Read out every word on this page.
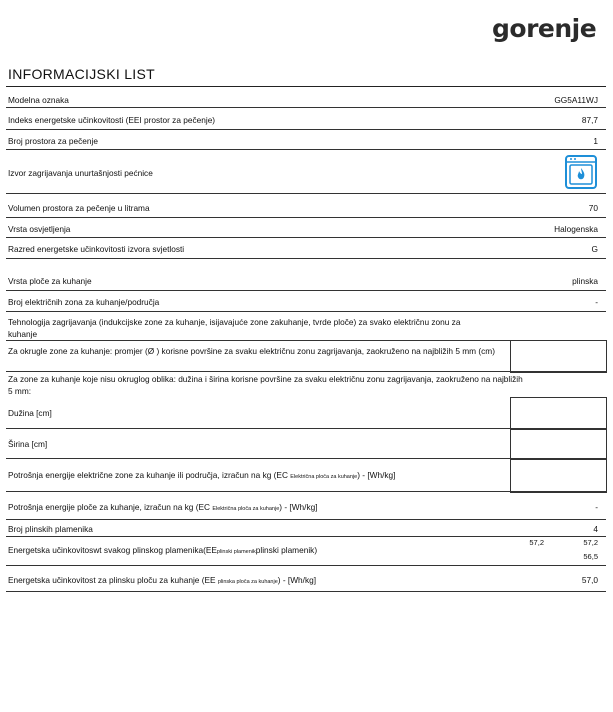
gorenje
INFORMACIJSKI LIST
Modelna oznaka	GG5A11WJ
Indeks energetske učinkovitosti (EEI prostor za pečenje)	87,7
Broj prostora za pečenje	1
Izvor zagrijavanja unurtašnjosti pećnice
Volumen prostora za pečenje u litrama	70
Vrsta osvjetljenja	Halogenska
Razred energetske učinkovitosti izvora svjetlosti	G
Vrsta ploče za kuhanje	plinska
Broj električnih zona za kuhanje/područja	-
Tehnologija zagrijavanja (indukcijske zone za kuhanje, isijavajuće zone zakuhanje, tvrde ploče) za svako električnu zonu za kuhanje
Za okrugle zone za kuhanje: promjer (Ø ) korisne površine za svaku električnu zonu zagrijavanja, zaokruženo na najbližih 5 mm (cm)
Za zone za kuhanje koje nisu okruglog oblika: dužina i širina korisne površine za svaku električnu zonu zagrijavanja, zaokruženo na najbližih 5 mm:
Dužina [cm]
Širina [cm]
Potrošnja energije električne zone za kuhanje ili područja, izračun na kg (EC Električna ploča za kuhanje) - [Wh/kg]
Potrošnja energije ploče za kuhanje, izračun na kg (EC Električna ploča za kuhanje) - [Wh/kg]	-
Broj plinskih plamenika	4
Energetska učinkovitoswt svakog plinskog plamenika(EEplinski plamenikplinski plamenik)
57,2	57,2
56,5
Energetska učinkovitost za plinsku ploču za kuhanje (EE plinska ploča za kuhanje) - [Wh/kg]	57,0
